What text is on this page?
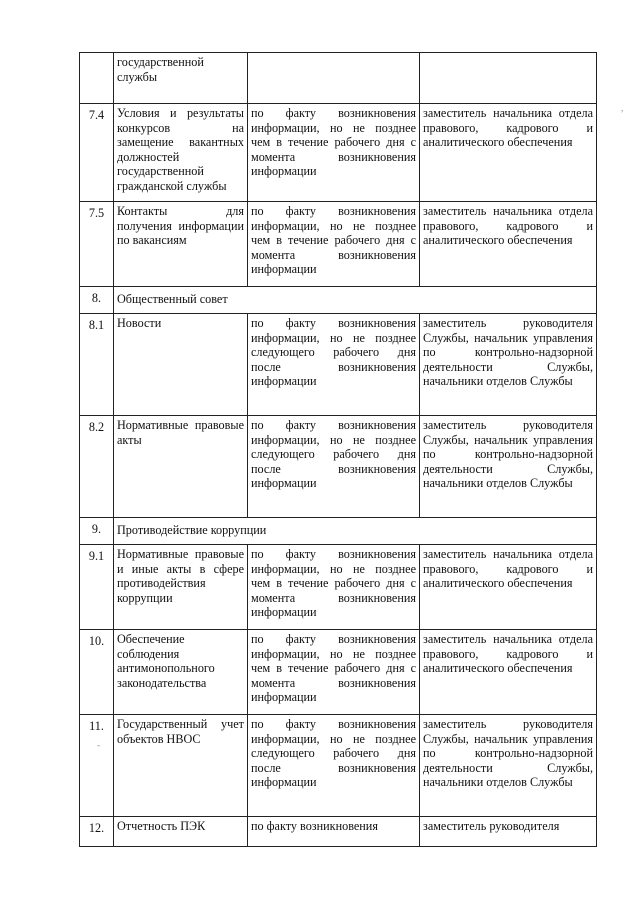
,
-
	государственной службы		
7.4	Условия и результаты конкурсов на замещение вакантных должностей государственной гражданской службы	по факту возникновения информации, но не позднее чем в течение рабочего дня с момента возникновения информации	заместитель начальника отдела правового, кадрового и аналитического обеспечения
7.5	Контакты для получения информации по вакансиям	по факту возникновения информации, но не позднее чем в течение рабочего дня с момента возникновения информации	заместитель начальника отдела правового, кадрового и аналитического обеспечения
8.	Общественный совет		
8.1	Новости	по факту возникновения информации, но не позднее следующего рабочего дня после возникновения информации	заместитель руководителя Службы, начальник управления по контрольно-надзорной деятельности Службы, начальники отделов Службы
8.2	Нормативные правовые акты	по факту возникновения информации, но не позднее следующего рабочего дня после возникновения информации	заместитель руководителя Службы, начальник управления по контрольно-надзорной деятельности Службы, начальники отделов Службы
9.	Противодействие коррупции		
9.1	Нормативные правовые и иные акты в сфере противодействия коррупции	по факту возникновения информации, но не позднее чем в течение рабочего дня с момента возникновения информации	заместитель начальника отдела правового, кадрового и аналитического обеспечения
10.	Обеспечение соблюдения антимонопольного законодательства	по факту возникновения информации, но не позднее чем в течение рабочего дня с момента возникновения информации	заместитель начальника отдела правового, кадрового и аналитического обеспечения
11.	Государственный учет объектов НВОС	по факту возникновения информации, но не позднее следующего рабочего дня после возникновения информации	заместитель руководителя Службы, начальник управления по контрольно-надзорной деятельности Службы, начальники отделов Службы
12.	Отчетность ПЭК	по факту возникновения	заместитель руководителя
